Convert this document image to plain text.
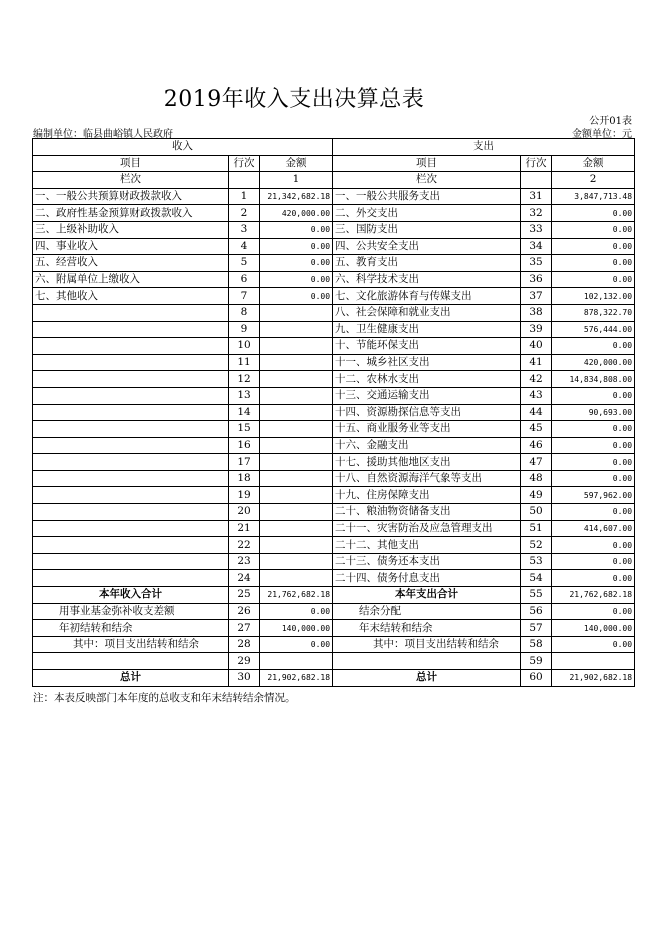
2019年收入支出决算总表
公开01表
编制单位：临县曲峪镇人民政府	金额单位：元
收入			支出		
项目	行次	金额	项目	行次	金额
栏次		1	栏次		2
一、一般公共预算财政拨款收入	1	21,342,682.18	一、一般公共服务支出	31	3,847,713.48
二、政府性基金预算财政拨款收入	2	420,000.00	二、外交支出	32	0.00
三、上级补助收入	3	0.00	三、国防支出	33	0.00
四、事业收入	4	0.00	四、公共安全支出	34	0.00
五、经营收入	5	0.00	五、教育支出	35	0.00
六、附属单位上缴收入	6	0.00	六、科学技术支出	36	0.00
七、其他收入	7	0.00	七、文化旅游体育与传媒支出	37	102,132.00
	8		八、社会保障和就业支出	38	878,322.70
	9		九、卫生健康支出	39	576,444.00
	10		十、节能环保支出	40	0.00
	11		十一、城乡社区支出	41	420,000.00
	12		十二、农林水支出	42	14,834,808.00
	13		十三、交通运输支出	43	0.00
	14		十四、资源勘探信息等支出	44	90,693.00
	15		十五、商业服务业等支出	45	0.00
	16		十六、金融支出	46	0.00
	17		十七、援助其他地区支出	47	0.00
	18		十八、自然资源海洋气象等支出	48	0.00
	19		十九、住房保障支出	49	597,962.00
	20		二十、粮油物资储备支出	50	0.00
	21		二十一、灾害防治及应急管理支出	51	414,607.00
	22		二十二、其他支出	52	0.00
	23		二十三、债务还本支出	53	0.00
	24		二十四、债务付息支出	54	0.00
本年收入合计	25	21,762,682.18	本年支出合计	55	21,762,682.18
用事业基金弥补收支差额	26	0.00	结余分配	56	0.00
年初结转和结余	27	140,000.00	年末结转和结余	57	140,000.00
其中：项目支出结转和结余	28	0.00	其中：项目支出结转和结余	58	0.00
	29			59	
总计	30	21,902,682.18	总计	60	21,902,682.18
注：本表反映部门本年度的总收支和年末结转结余情况。
